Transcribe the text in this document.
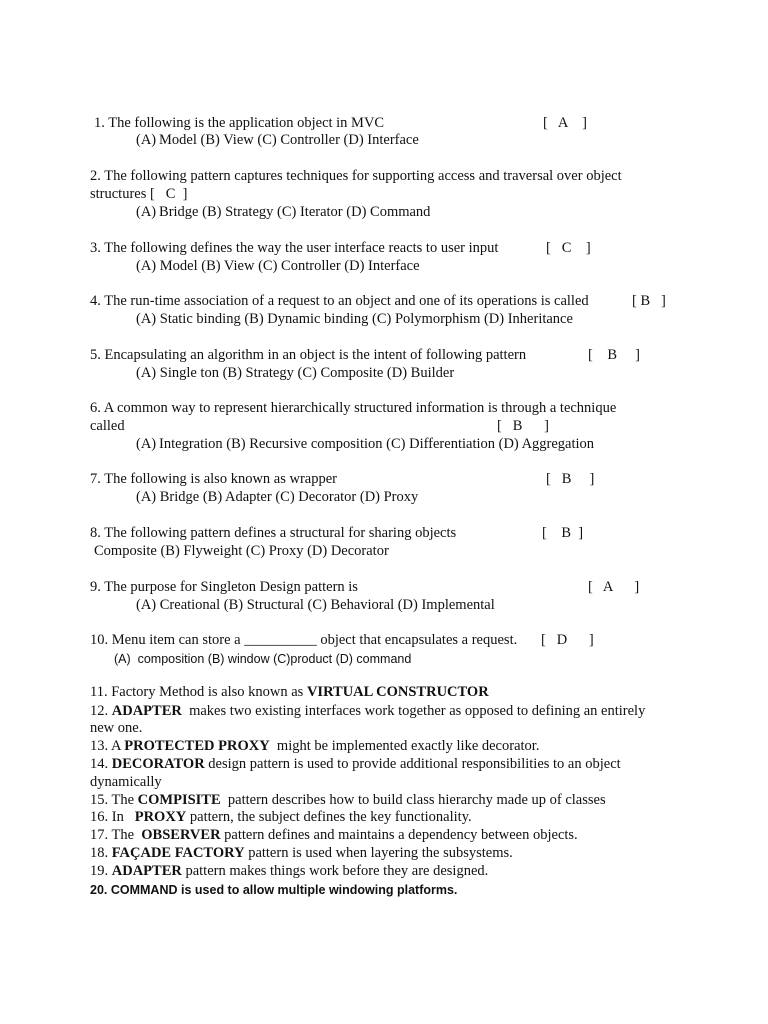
1. The following is the application object in MVC	[   A    ]
(A) Model (B) View (C) Controller (D) Interface
2. The following pattern captures techniques for supporting access and traversal over object
structures [   C  ]
(A) Bridge (B) Strategy (C) Iterator (D) Command
3. The following defines the way the user interface reacts to user input	[   C    ]
(A) Model (B) View (C) Controller (D) Interface
4. The run-time association of a request to an object and one of its operations is called	[ B   ]
(A) Static binding (B) Dynamic binding (C) Polymorphism (D) Inheritance
5. Encapsulating an algorithm in an object is the intent of following pattern	[    B     ]
(A) Single ton (B) Strategy (C) Composite (D) Builder
6. A common way to represent hierarchically structured information is through a technique
called	[   B      ]
(A) Integration (B) Recursive composition (C) Differentiation (D) Aggregation
7. The following is also known as wrapper	[   B     ]
(A) Bridge (B) Adapter (C) Decorator (D) Proxy
8. The following pattern defines a structural for sharing objects	[    B  ]
Composite (B) Flyweight (C) Proxy (D) Decorator
9. The purpose for Singleton Design pattern is	[   A      ]
(A) Creational (B) Structural (C) Behavioral (D) Implemental
10. Menu item can store a __________ object that encapsulates a request. [   D      ]
(A)  composition (B) window (C)product (D) command
11. Factory Method is also known as VIRTUAL CONSTRUCTOR
12. ADAPTER  makes two existing interfaces work together as opposed to defining an entirely
new one.
13. A PROTECTED PROXY  might be implemented exactly like decorator.
14. DECORATOR design pattern is used to provide additional responsibilities to an object
dynamically
15. The COMPISITE  pattern describes how to build class hierarchy made up of classes
16. In   PROXY pattern, the subject defines the key functionality.
17. The  OBSERVER pattern defines and maintains a dependency between objects.
18. FAÇADE FACTORY pattern is used when layering the subsystems.
19. ADAPTER pattern makes things work before they are designed.
20. COMMAND is used to allow multiple windowing platforms.
